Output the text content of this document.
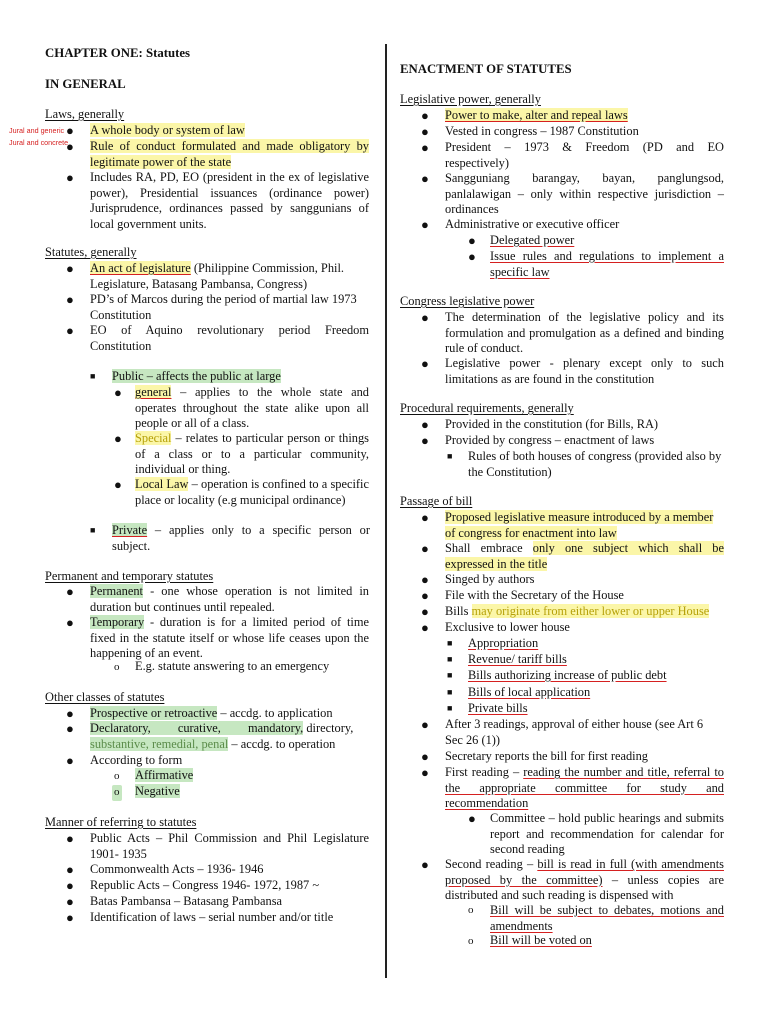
CHAPTER ONE: Statutes
IN GENERAL
Jural and generic
Jural and concrete
Laws, generally
● A whole body or system of law
● Rule of conduct formulated and made obligatory by legitimate power of the state
● Includes RA, PD, EO (president in the ex of legislative power), Presidential issuances (ordinance power) Jurisprudence, ordinances passed by sanggunians of local government units.
Statutes, generally
● An act of legislature (Philippine Commission, Phil. Legislature, Batasang Pambansa, Congress)
● PD’s of Marcos during the period of martial law 1973 Constitution
● EO of Aquino revolutionary period Freedom Constitution
■ Public – affects the public at large
● general – applies to the whole state and operates throughout the state alike upon all people or all of a class.
● Special – relates to particular person or things of a class or to a particular community, individual or thing.
● Local Law – operation is confined to a specific place or locality (e.g municipal ordinance)
■ Private – applies only to a specific person or subject.
Permanent and temporary statutes
● Permanent - one whose operation is not limited in duration but continues until repealed.
● Temporary - duration is for a limited period of time fixed in the statute itself or whose life ceases upon the happening of an event.
o E.g. statute answering to an emergency
Other classes of statutes
● Prospective or retroactive – accdg. to application
● Declaratory, curative, mandatory, directory,
substantive, remedial, penal – accdg. to operation
● According to form
o Affirmative
o Negative
Manner of referring to statutes
● Public Acts – Phil Commission and Phil Legislature 1901- 1935
● Commonwealth Acts – 1936- 1946
● Republic Acts – Congress 1946- 1972, 1987 ~
● Batas Pambansa – Batasang Pambansa
● Identification of laws – serial number and/or title
ENACTMENT OF STATUTES
Legislative power, generally
● Power to make, alter and repeal laws
● Vested in congress – 1987 Constitution
● President – 1973 & Freedom (PD and EO respectively)
● Sangguniang barangay, bayan, panglungsod, panlalawigan – only within respective jurisdiction – ordinances
● Administrative or executive officer
● Delegated power
● Issue rules and regulations to implement a specific law
Congress legislative power
● The determination of the legislative policy and its formulation and promulgation as a defined and binding rule of conduct.
● Legislative power - plenary except only to such limitations as are found in the constitution
Procedural requirements, generally
● Provided in the constitution (for Bills, RA)
● Provided by congress – enactment of laws
■ Rules of both houses of congress (provided also by the Constitution)
Passage of bill
● Proposed legislative measure introduced by a member of congress for enactment into law
● Shall embrace only one subject which shall be expressed in the title
● Singed by authors
● File with the Secretary of the House
● Bills may originate from either lower or upper House
● Exclusive to lower house
■ Appropriation
■ Revenue/ tariff bills
■ Bills authorizing increase of public debt
■ Bills of local application
■ Private bills
● After 3 readings, approval of either house (see Art 6 Sec 26 (1))
● Secretary reports the bill for first reading
● First reading – reading the number and title, referral to the appropriate committee for study and recommendation
● Committee – hold public hearings and submits report and recommendation for calendar for second reading
● Second reading – bill is read in full (with amendments proposed by the committee) – unless copies are distributed and such reading is dispensed with
o Bill will be subject to debates, motions and amendments
o Bill will be voted on
